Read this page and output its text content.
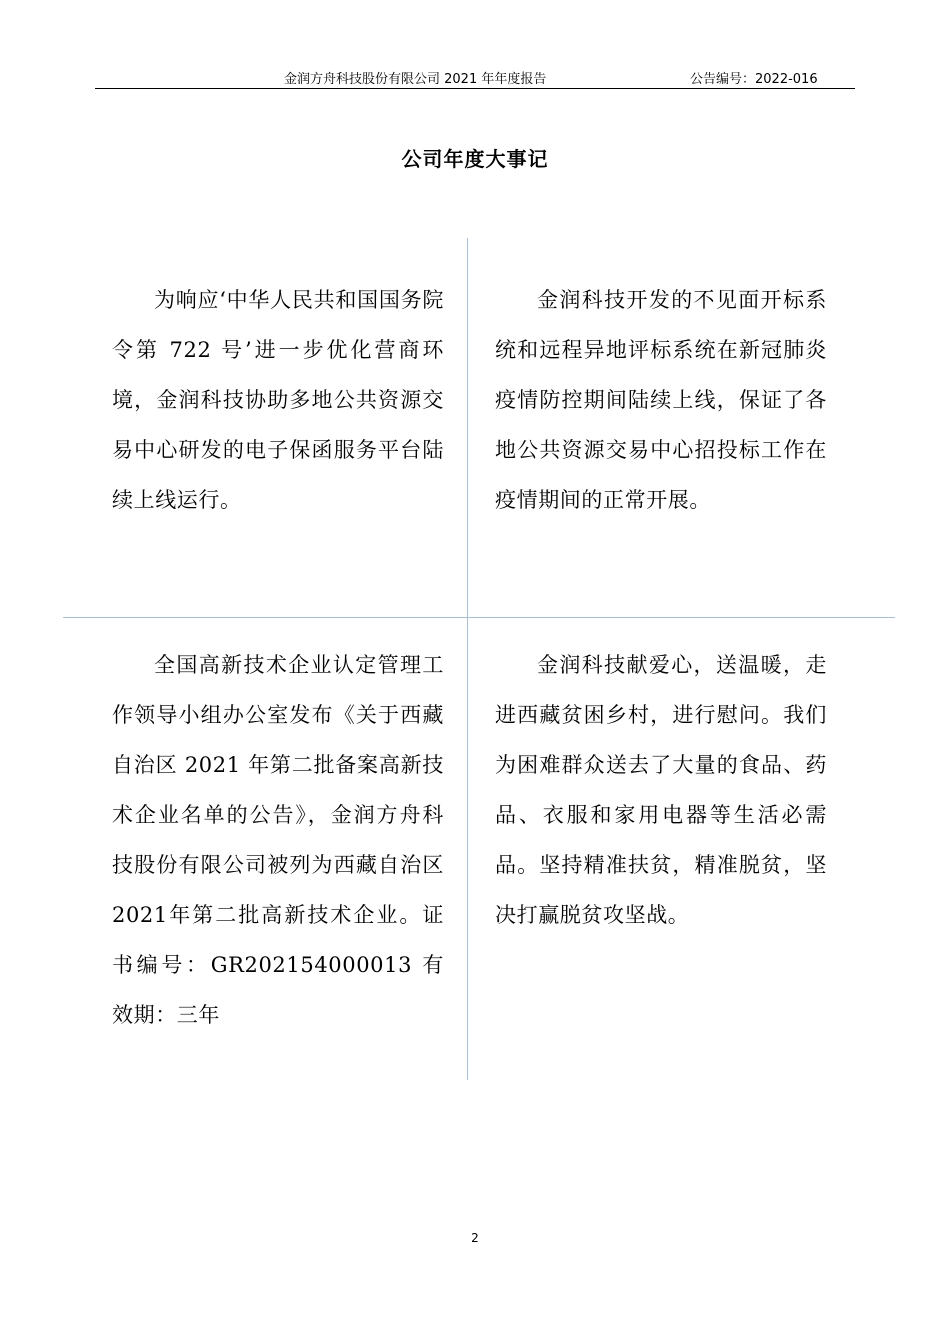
金润方舟科技股份有限公司 2021 年年度报告	公告编号：2022-016
公司年度大事记
为响应‘中华人民共和国国务院令第 722 号’进一步优化营商环境，金润科技协助多地公共资源交易中心研发的电子保函服务平台陆续上线运行。
金润科技开发的不见面开标系统和远程异地评标系统在新冠肺炎疫情防控期间陆续上线，保证了各地公共资源交易中心招投标工作在疫情期间的正常开展。
全国高新技术企业认定管理工作领导小组办公室发布《关于西藏自治区 2021 年第二批备案高新技术企业名单的公告》，金润方舟科技股份有限公司被列为西藏自治区2021年第二批高新技术企业。证书编号：GR202154000013 有效期：三年
金润科技献爱心，送温暖，走进西藏贫困乡村，进行慰问。我们为困难群众送去了大量的食品、药品、衣服和家用电器等生活必需品。坚持精准扶贫，精准脱贫，坚决打赢脱贫攻坚战。
2
